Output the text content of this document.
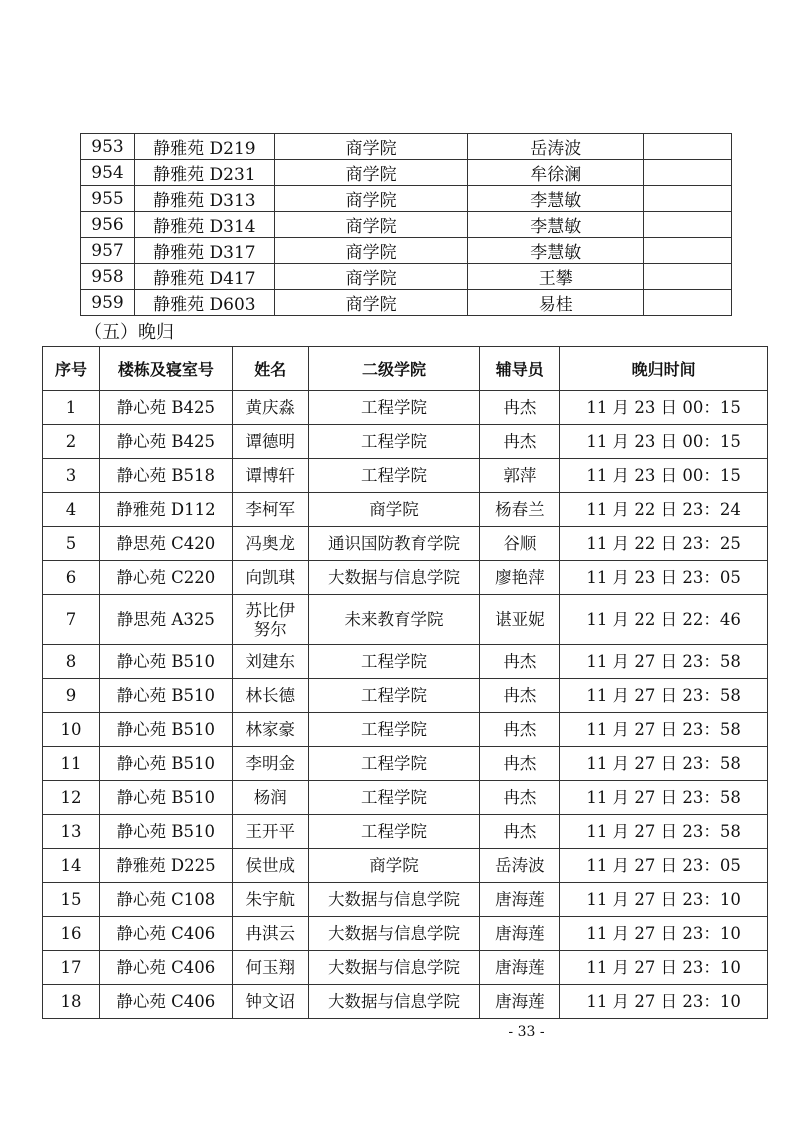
953	静雅苑 D219	商学院	岳涛波	
954	静雅苑 D231	商学院	牟徐澜	
955	静雅苑 D313	商学院	李慧敏	
956	静雅苑 D314	商学院	李慧敏	
957	静雅苑 D317	商学院	李慧敏	
958	静雅苑 D417	商学院	王攀	
959	静雅苑 D603	商学院	易桂	
（五）晚归
序号	楼栋及寝室号	姓名	二级学院	辅导员	晚归时间
1	静心苑 B425	黄庆淼	工程学院	冉杰	11 月 23 日 00：15
2	静心苑 B425	谭德明	工程学院	冉杰	11 月 23 日 00：15
3	静心苑 B518	谭博轩	工程学院	郭萍	11 月 23 日 00：15
4	静雅苑 D112	李柯军	商学院	杨春兰	11 月 22 日 23：24
5	静思苑 C420	冯奥龙	通识国防教育学院	谷顺	11 月 22 日 23：25
6	静心苑 C220	向凯琪	大数据与信息学院	廖艳萍	11 月 23 日 23：05
7	静思苑 A325	苏比伊努尔	未来教育学院	谌亚妮	11 月 22 日 22：46
8	静心苑 B510	刘建东	工程学院	冉杰	11 月 27 日 23：58
9	静心苑 B510	林长德	工程学院	冉杰	11 月 27 日 23：58
10	静心苑 B510	林家豪	工程学院	冉杰	11 月 27 日 23：58
11	静心苑 B510	李明金	工程学院	冉杰	11 月 27 日 23：58
12	静心苑 B510	杨润	工程学院	冉杰	11 月 27 日 23：58
13	静心苑 B510	王开平	工程学院	冉杰	11 月 27 日 23：58
14	静雅苑 D225	侯世成	商学院	岳涛波	11 月 27 日 23：05
15	静心苑 C108	朱宇航	大数据与信息学院	唐海莲	11 月 27 日 23：10
16	静心苑 C406	冉淇云	大数据与信息学院	唐海莲	11 月 27 日 23：10
17	静心苑 C406	何玉翔	大数据与信息学院	唐海莲	11 月 27 日 23：10
18	静心苑 C406	钟文诏	大数据与信息学院	唐海莲	11 月 27 日 23：10
- 33 -
